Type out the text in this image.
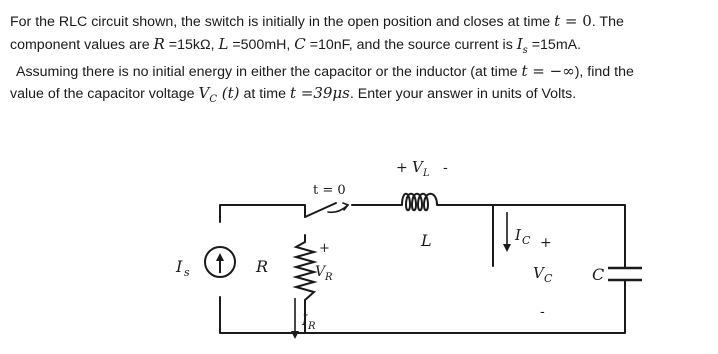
For the RLC circuit shown, the switch is initially in the open position and closes at time t = 0. The
component values are R =15kΩ, L =500mH, C =10nF, and the source current is $I_s =15mA$.
Assuming there is no initial energy in either the capacitor or the inductor (at time t = −∞), find the
value of the capacitor voltage $V_C$ (t) at time t =39μs. Enter your answer in units of Volts.
t = 0
+ V L -
L	I C +
V C
-
C
I s	R
+
V R
I R
